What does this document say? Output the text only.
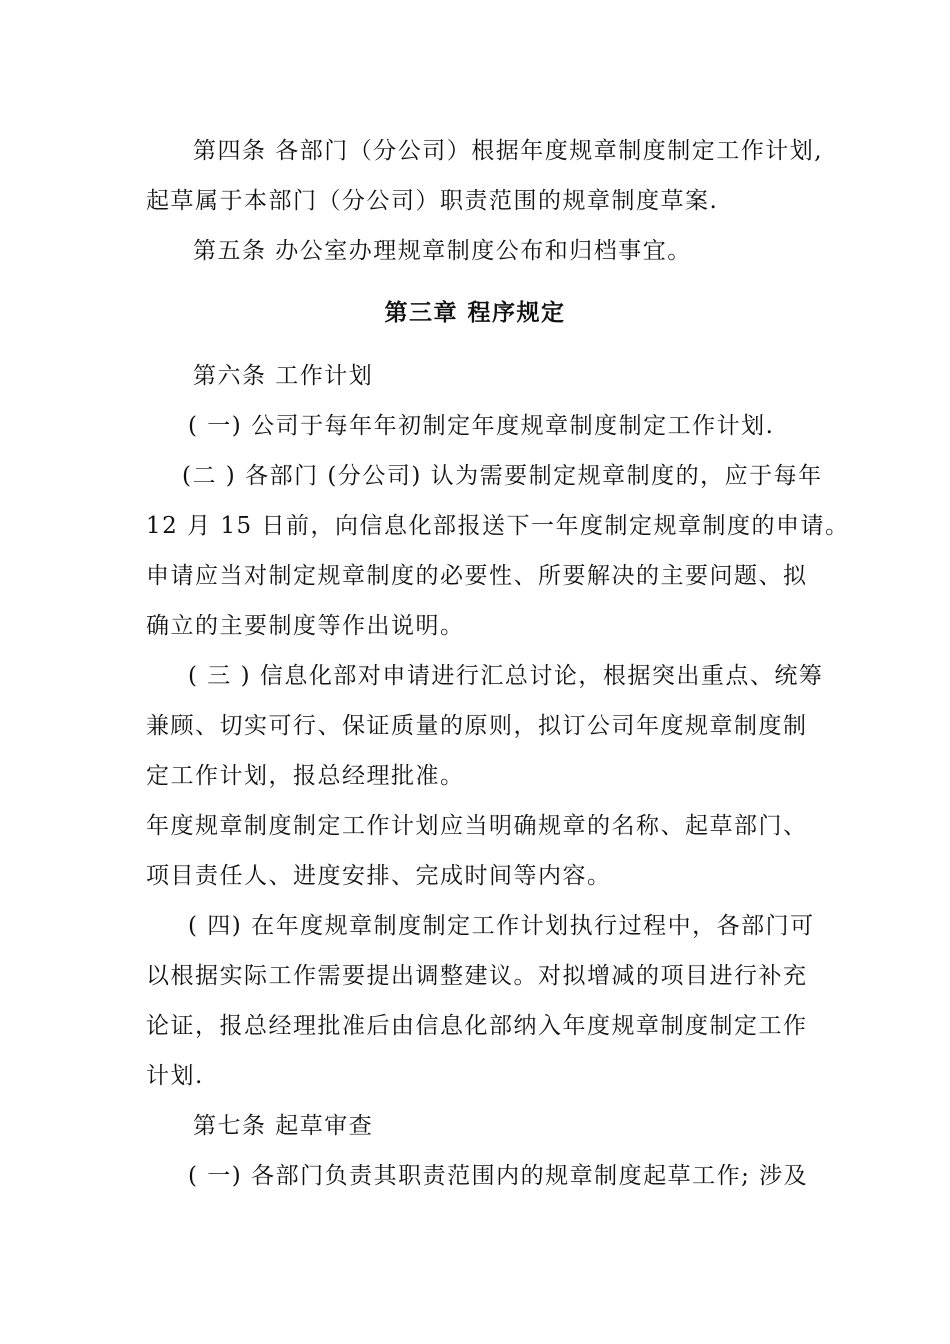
第四条 各部门（分公司）根据年度规章制度制定工作计划,
起草属于本部门（分公司）职责范围的规章制度草案.
第五条 办公室办理规章制度公布和归档事宜。
第三章 程序规定
第六条 工作计划
( 一) 公司于每年年初制定年度规章制度制定工作计划.
(二 ) 各部门 (分公司) 认为需要制定规章制度的，应于每年
12 月 15 日前，向信息化部报送下一年度制定规章制度的申请。
申请应当对制定规章制度的必要性、所要解决的主要问题、拟
确立的主要制度等作出说明。
( 三 ) 信息化部对申请进行汇总讨论，根据突出重点、统筹
兼顾、切实可行、保证质量的原则，拟订公司年度规章制度制
定工作计划，报总经理批准。
年度规章制度制定工作计划应当明确规章的名称、起草部门、
项目责任人、进度安排、完成时间等内容。
( 四) 在年度规章制度制定工作计划执行过程中，各部门可
以根据实际工作需要提出调整建议。对拟增减的项目进行补充
论证，报总经理批准后由信息化部纳入年度规章制度制定工作
计划.
第七条 起草审查
( 一) 各部门负责其职责范围内的规章制度起草工作; 涉及
